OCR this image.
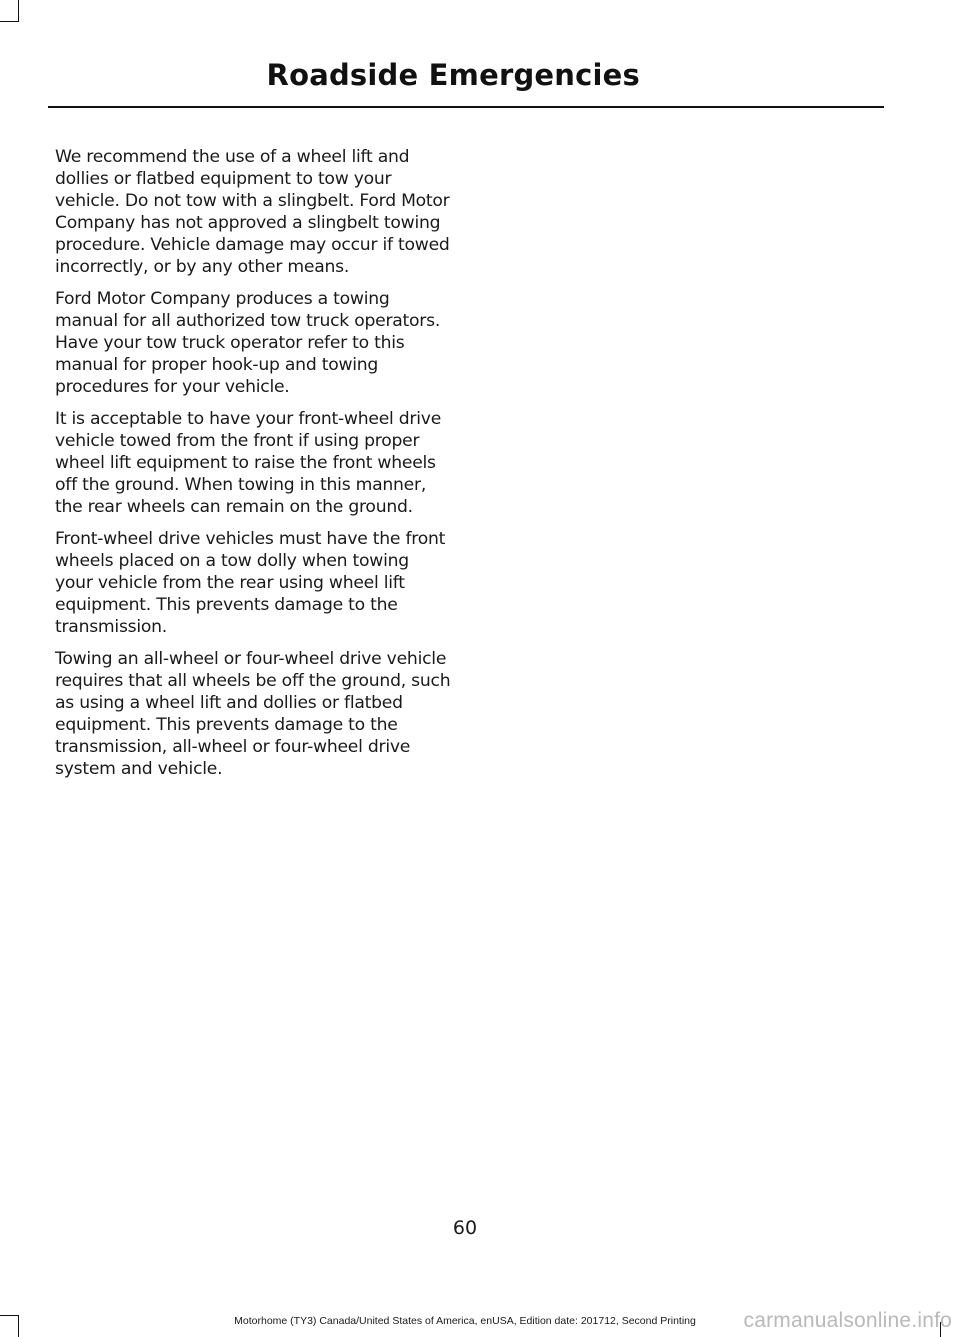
Roadside Emergencies

We recommend the use of a wheel lift and dollies or flatbed equipment to tow your vehicle. Do not tow with a slingbelt. Ford Motor Company has not approved a slingbelt towing procedure. Vehicle damage may occur if towed incorrectly, or by any other means.

Ford Motor Company produces a towing manual for all authorized tow truck operators. Have your tow truck operator refer to this manual for proper hook-up and towing procedures for your vehicle.

It is acceptable to have your front-wheel drive vehicle towed from the front if using proper wheel lift equipment to raise the front wheels off the ground. When towing in this manner, the rear wheels can remain on the ground.

Front-wheel drive vehicles must have the front wheels placed on a tow dolly when towing your vehicle from the rear using wheel lift equipment. This prevents damage to the transmission.

Towing an all-wheel or four-wheel drive vehicle requires that all wheels be off the ground, such as using a wheel lift and dollies or flatbed equipment. This prevents damage to the transmission, all-wheel or four-wheel drive system and vehicle.

60
Motorhome (TY3) Canada/United States of America, enUSA, Edition date: 201712, Second Printing	carmanualsonline.info
